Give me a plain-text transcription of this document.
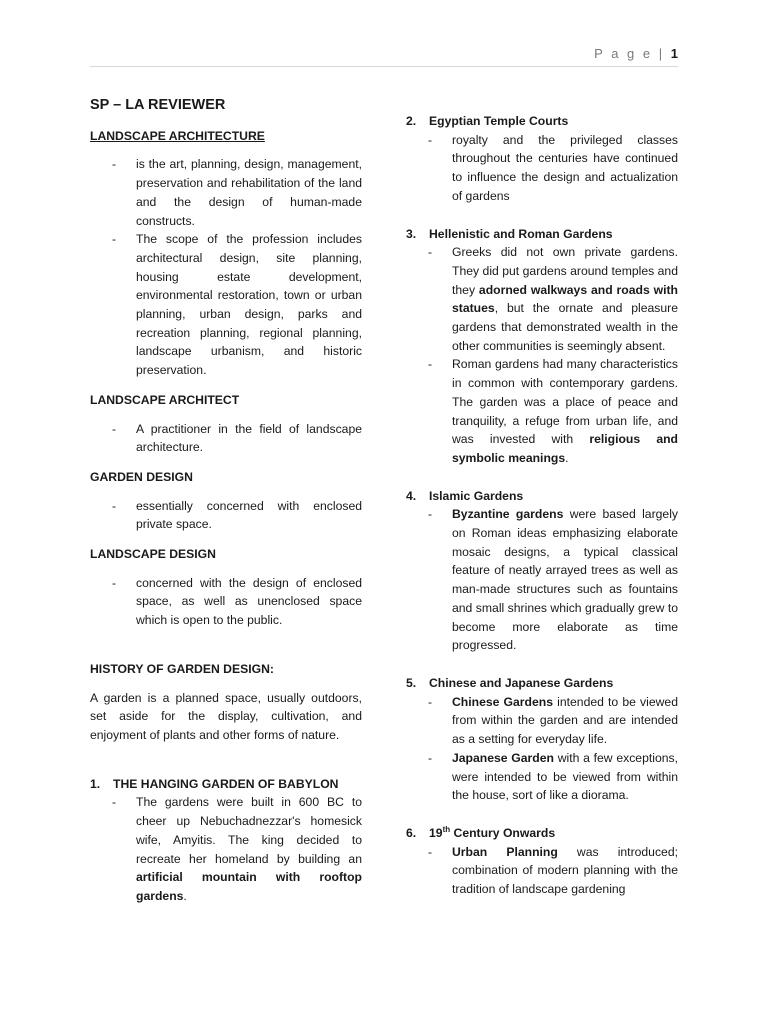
P a g e | 1
SP – LA REVIEWER
LANDSCAPE ARCHITECTURE
- is the art, planning, design, management, preservation and rehabilitation of the land and the design of human-made constructs.
- The scope of the profession includes architectural design, site planning, housing estate development, environmental restoration, town or urban planning, urban design, parks and recreation planning, regional planning, landscape urbanism, and historic preservation.
LANDSCAPE ARCHITECT
- A practitioner in the field of landscape architecture.
GARDEN DESIGN
- essentially concerned with enclosed private space.
LANDSCAPE DESIGN
- concerned with the design of enclosed space, as well as unenclosed space which is open to the public.
HISTORY OF GARDEN DESIGN:

A garden is a planned space, usually outdoors, set aside for the display, cultivation, and enjoyment of plants and other forms of nature.

1.	THE HANGING GARDEN OF BABYLON
- The gardens were built in 600 BC to cheer up Nebuchadnezzar's homesick wife, Amyitis. The king decided to recreate her homeland by building an artificial mountain with rooftop gardens.
2.	Egyptian Temple Courts
- royalty and the privileged classes throughout the centuries have continued to influence the design and actualization of gardens
3.	Hellenistic and Roman Gardens
- Greeks did not own private gardens. They did put gardens around temples and they adorned walkways and roads with statues, but the ornate and pleasure gardens that demonstrated wealth in the other communities is seemingly absent.
- Roman gardens had many characteristics in common with contemporary gardens. The garden was a place of peace and tranquility, a refuge from urban life, and was invested with religious and symbolic meanings.
4.	Islamic Gardens
- Byzantine gardens were based largely on Roman ideas emphasizing elaborate mosaic designs, a typical classical feature of neatly arrayed trees as well as man-made structures such as fountains and small shrines which gradually grew to become more elaborate as time progressed.
5.	Chinese and Japanese Gardens
- Chinese Gardens intended to be viewed from within the garden and are intended as a setting for everyday life.
- Japanese Garden with a few exceptions, were intended to be viewed from within the house, sort of like a diorama.
6.	19th Century Onwards
- Urban Planning was introduced; combination of modern planning with the tradition of landscape gardening
